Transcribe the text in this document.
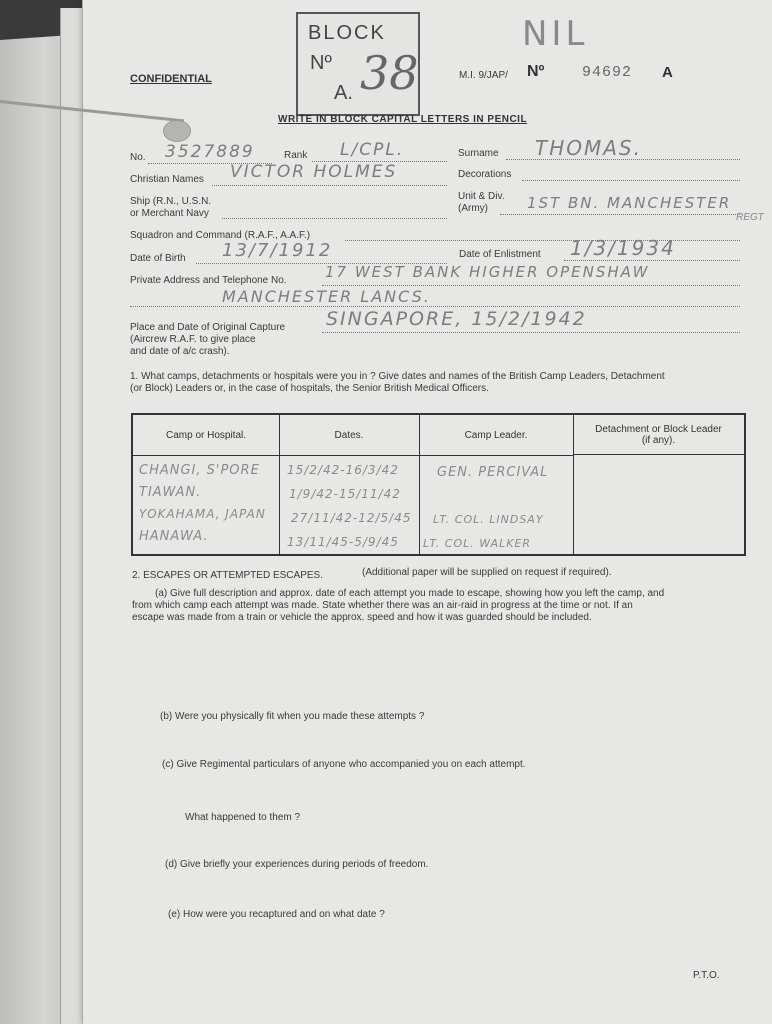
CONFIDENTIAL
BLOCK
Nº
A. 38
NIL
M.I. 9/JAP/ Nº	94692 A
WRITE IN BLOCK CAPITAL LETTERS IN PENCIL
No. 3527889	Rank L/CPL.	Surname THOMAS.
Christian Names VICTOR HOLMES	Decorations
Ship (R.N., U.S.N.
or Merchant Navy
Unit & Div.
(Army)	1ST BN. MANCHESTER
REGT
Squadron and Command (R.A.F., A.A.F.)
Date of Birth 13/7/1912	Date of Enlistment 1/3/1934
Private Address and Telephone No.	17 WEST BANK HIGHER OPENSHAW
MANCHESTER LANCS.
Place and Date of Original Capture
(Aircrew R.A.F. to give place
and date of a/c crash).
SINGAPORE, 15/2/1942
1. What camps, detachments or hospitals were you in ? Give dates and names of the British Camp Leaders, Detachment
(or Block) Leaders or, in the case of hospitals, the Senior British Medical Officers.
Camp or Hospital.	Dates.	Camp Leader.
Detachment or Block Leader (if any).
CHANGI, S'PORE 15/2/42-16/3/42	GEN. PERCIVAL
TIAWAN.	1/9/42-15/11/42
YOKAHAMA, JAPAN 27/11/42-12/5/45 LT. COL. LINDSAY
HANAWA.	13/11/45-5/9/45 LT. COL. WALKER
2. ESCAPES OR ATTEMPTED ESCAPES.	(Additional paper will be supplied on request if required).
(a) Give full description and approx. date of each attempt you made to escape, showing how you left the camp, and
from which camp each attempt was made. State whether there was an air-raid in progress at the time or not. If an
escape was made from a train or vehicle the approx. speed and how it was guarded should be included.
(b) Were you physically fit when you made these attempts ?
(c) Give Regimental particulars of anyone who accompanied you on each attempt.
What happened to them ?
(d) Give briefly your experiences during periods of freedom.
(e) How were you recaptured and on what date ?
P.T.O.
